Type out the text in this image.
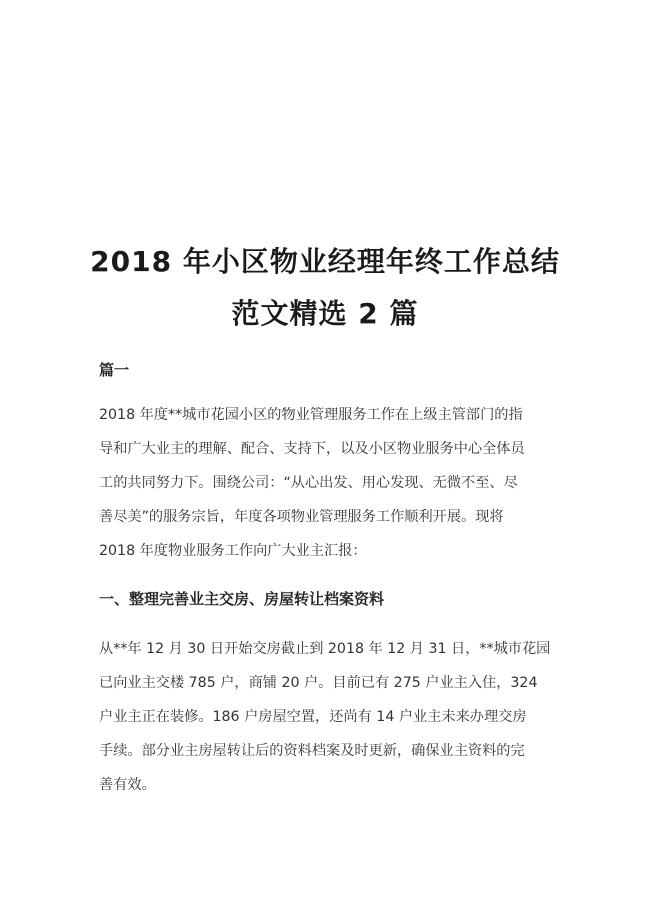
2018 年小区物业经理年终工作总结
范文精选 2 篇

篇一

2018 年度**城市花园小区的物业管理服务工作在上级主管部门的指
导和广大业主的理解、配合、支持下，以及小区物业服务中心全体员
工的共同努力下。围绕公司：“从心出发、用心发现、无微不至、尽
善尽美”的服务宗旨，年度各项物业管理服务工作顺利开展。现将
2018 年度物业服务工作向广大业主汇报：

一、整理完善业主交房、房屋转让档案资料

从**年 12 月 30 日开始交房截止到 2018 年 12 月 31 日，**城市花园
已向业主交楼 785 户，商铺 20 户。目前已有 275 户业主入住，324
户业主正在装修。186 户房屋空置，还尚有 14 户业主未来办理交房
手续。部分业主房屋转让后的资料档案及时更新，确保业主资料的完
善有效。
